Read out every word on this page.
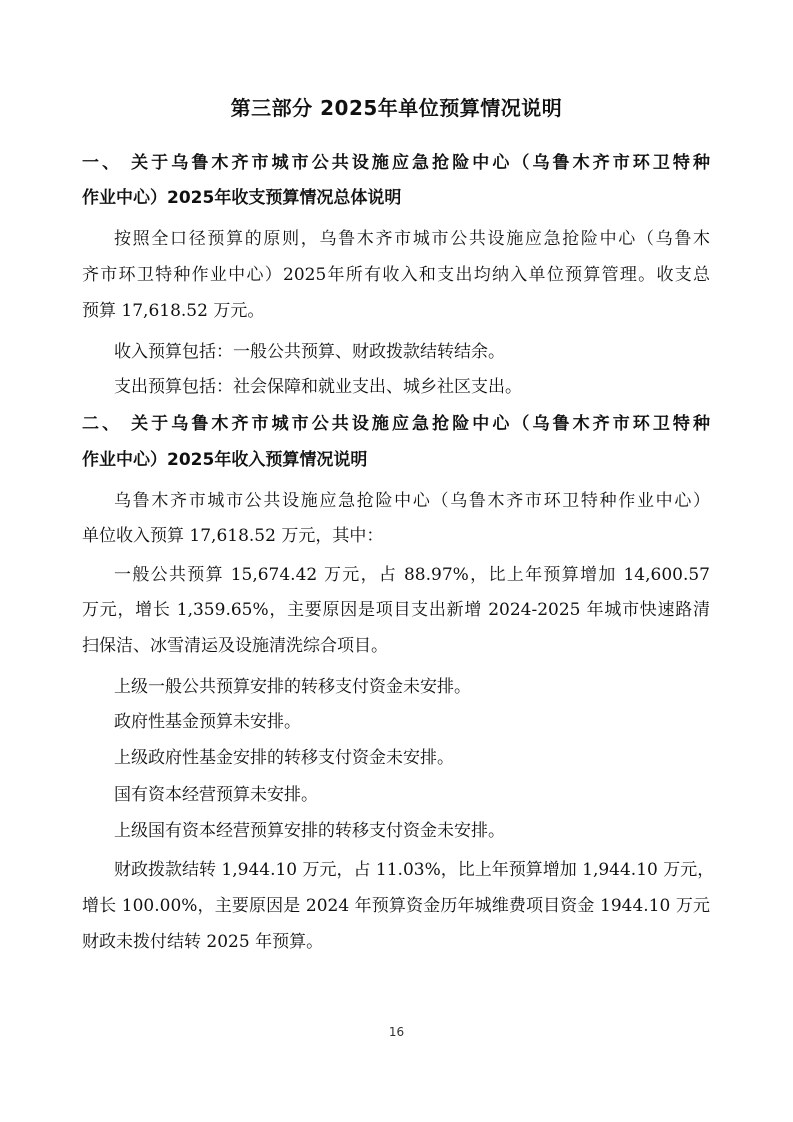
第三部分 2025年单位预算情况说明
一、 关于乌鲁木齐市城市公共设施应急抢险中心（乌鲁木齐市环卫特种
作业中心）2025年收支预算情况总体说明
按照全口径预算的原则，乌鲁木齐市城市公共设施应急抢险中心（乌鲁木
齐市环卫特种作业中心）2025年所有收入和支出均纳入单位预算管理。收支总
预算 17,618.52 万元。
收入预算包括：一般公共预算、财政拨款结转结余。
支出预算包括：社会保障和就业支出、城乡社区支出。
二、 关于乌鲁木齐市城市公共设施应急抢险中心（乌鲁木齐市环卫特种
作业中心）2025年收入预算情况说明
乌鲁木齐市城市公共设施应急抢险中心（乌鲁木齐市环卫特种作业中心）
单位收入预算 17,618.52 万元，其中：
一般公共预算 15,674.42 万元，占 88.97%，比上年预算增加 14,600.57
万元，增长 1,359.65%，主要原因是项目支出新增 2024-2025 年城市快速路清
扫保洁、冰雪清运及设施清洗综合项目。
上级一般公共预算安排的转移支付资金未安排。
政府性基金预算未安排。
上级政府性基金安排的转移支付资金未安排。
国有资本经营预算未安排。
上级国有资本经营预算安排的转移支付资金未安排。
财政拨款结转 1,944.10 万元，占 11.03%，比上年预算增加 1,944.10 万元，
增长 100.00%，主要原因是 2024 年预算资金历年城维费项目资金 1944.10 万元
财政未拨付结转 2025 年预算。
16
